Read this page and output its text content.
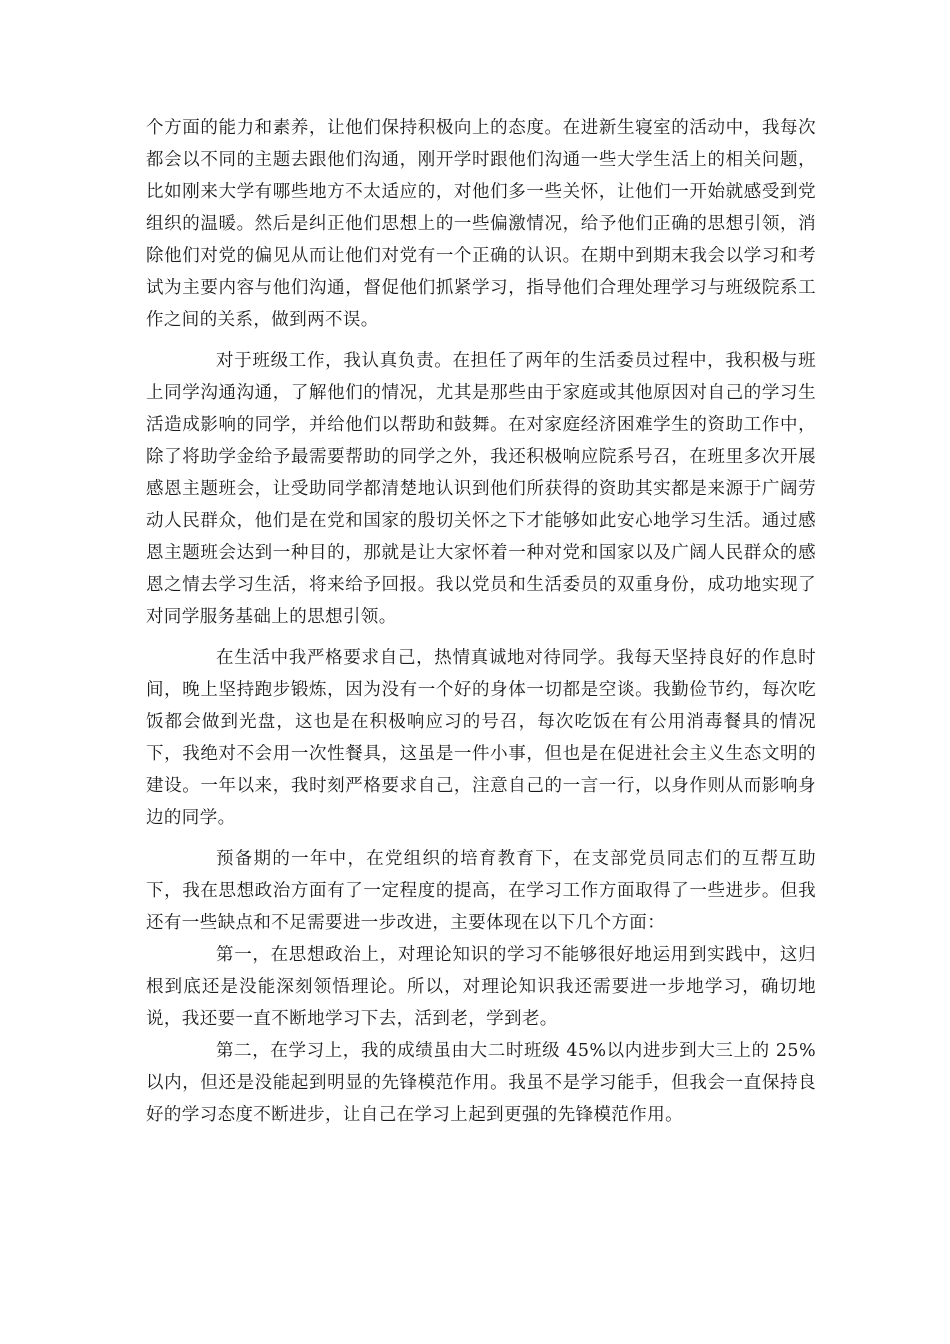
个方面的能力和素养，让他们保持积极向上的态度。在进新生寝室的活动中，我每次都会以不同的主题去跟他们沟通，刚开学时跟他们沟通一些大学生活上的相关问题，比如刚来大学有哪些地方不太适应的，对他们多一些关怀，让他们一开始就感受到党组织的温暖。然后是纠正他们思想上的一些偏激情况，给予他们正确的思想引领，消除他们对党的偏见从而让他们对党有一个正确的认识。在期中到期末我会以学习和考试为主要内容与他们沟通，督促他们抓紧学习，指导他们合理处理学习与班级院系工作之间的关系，做到两不误。

对于班级工作，我认真负责。在担任了两年的生活委员过程中，我积极与班上同学沟通沟通，了解他们的情况，尤其是那些由于家庭或其他原因对自己的学习生活造成影响的同学，并给他们以帮助和鼓舞。在对家庭经济困难学生的资助工作中，除了将助学金给予最需要帮助的同学之外，我还积极响应院系号召，在班里多次开展感恩主题班会，让受助同学都清楚地认识到他们所获得的资助其实都是来源于广阔劳动人民群众，他们是在党和国家的殷切关怀之下才能够如此安心地学习生活。通过感恩主题班会达到一种目的，那就是让大家怀着一种对党和国家以及广阔人民群众的感恩之情去学习生活，将来给予回报。我以党员和生活委员的双重身份，成功地实现了对同学服务基础上的思想引领。

在生活中我严格要求自己，热情真诚地对待同学。我每天坚持良好的作息时间，晚上坚持跑步锻炼，因为没有一个好的身体一切都是空谈。我勤俭节约，每次吃饭都会做到光盘，这也是在积极响应习的号召，每次吃饭在有公用消毒餐具的情况下，我绝对不会用一次性餐具，这虽是一件小事，但也是在促进社会主义生态文明的建设。一年以来，我时刻严格要求自己，注意自己的一言一行，以身作则从而影响身边的同学。

预备期的一年中，在党组织的培育教育下，在支部党员同志们的互帮互助下，我在思想政治方面有了一定程度的提高，在学习工作方面取得了一些进步。但我还有一些缺点和不足需要进一步改进，主要体现在以下几个方面：

第一，在思想政治上，对理论知识的学习不能够很好地运用到实践中，这归根到底还是没能深刻领悟理论。所以，对理论知识我还需要进一步地学习，确切地说，我还要一直不断地学习下去，活到老，学到老。

第二，在学习上，我的成绩虽由大二时班级 45%以内进步到大三上的 25%以内，但还是没能起到明显的先锋模范作用。我虽不是学习能手，但我会一直保持良好的学习态度不断进步，让自己在学习上起到更强的先锋模范作用。
